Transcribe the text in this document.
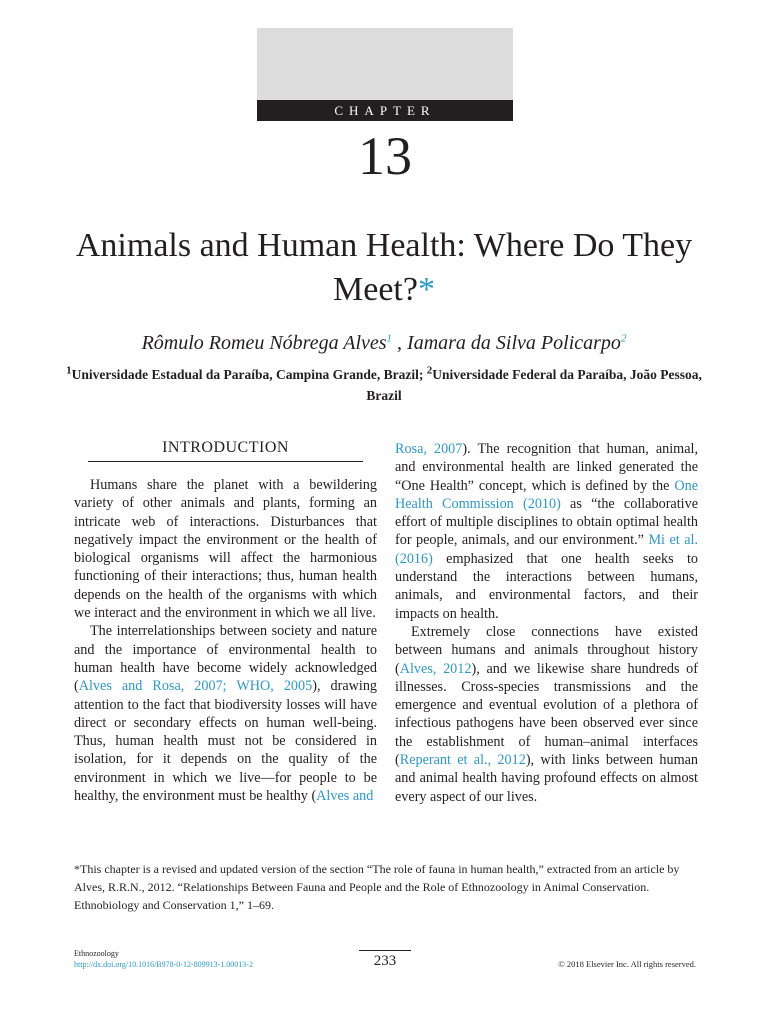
CHAPTER
13
Animals and Human Health: Where Do They Meet?*
Rômulo Romeu Nóbrega Alves$^1$ , Iamara da Silva Policarpo$^2$
$^1$Universidade Estadual da Paraíba, Campina Grande, Brazil; $^2$Universidade Federal da Paraíba, João Pessoa, Brazil
INTRODUCTION

Humans share the planet with a bewildering variety of other animals and plants, forming an intricate web of interactions. Disturbances that negatively impact the environment or the health of biological organisms will affect the harmonious functioning of their interactions; thus, human health depends on the health of the organisms with which we interact and the environment in which we all live.

The interrelationships between society and nature and the importance of environmental health to human health have become widely acknowledged (Alves and Rosa, 2007; WHO, 2005), drawing attention to the fact that biodiversity losses will have direct or secondary effects on human well-being. Thus, human health must not be considered in isolation, for it depends on the quality of the environment in which we live—for people to be healthy, the environment must be healthy (Alves and

Rosa, 2007). The recognition that human, animal, and environmental health are linked generated the “One Health” concept, which is defined by the One Health Commission (2010) as “the collaborative effort of multiple disciplines to obtain optimal health for people, animals, and our environment.” Mi et al. (2016) emphasized that one health seeks to understand the interactions between humans, animals, and environmental factors, and their impacts on health.

Extremely close connections have existed between humans and animals throughout history (Alves, 2012), and we likewise share hundreds of illnesses. Cross-species transmissions and the emergence and eventual evolution of a plethora of infectious pathogens have been observed ever since the establishment of human–animal interfaces (Reperant et al., 2012), with links between human and animal health having profound effects on almost every aspect of our lives.

*This chapter is a revised and updated version of the section “The role of fauna in human health,” extracted from an article by Alves, R.R.N., 2012. “Relationships Between Fauna and People and the Role of Ethnozoology in Animal Conservation. Ethnobiology and Conservation 1,” 1–69.
Ethnozoology
http://dx.doi.org/10.1016/B978-0-12-809913-1.00013-2	233	© 2018 Elsevier Inc. All rights reserved.
